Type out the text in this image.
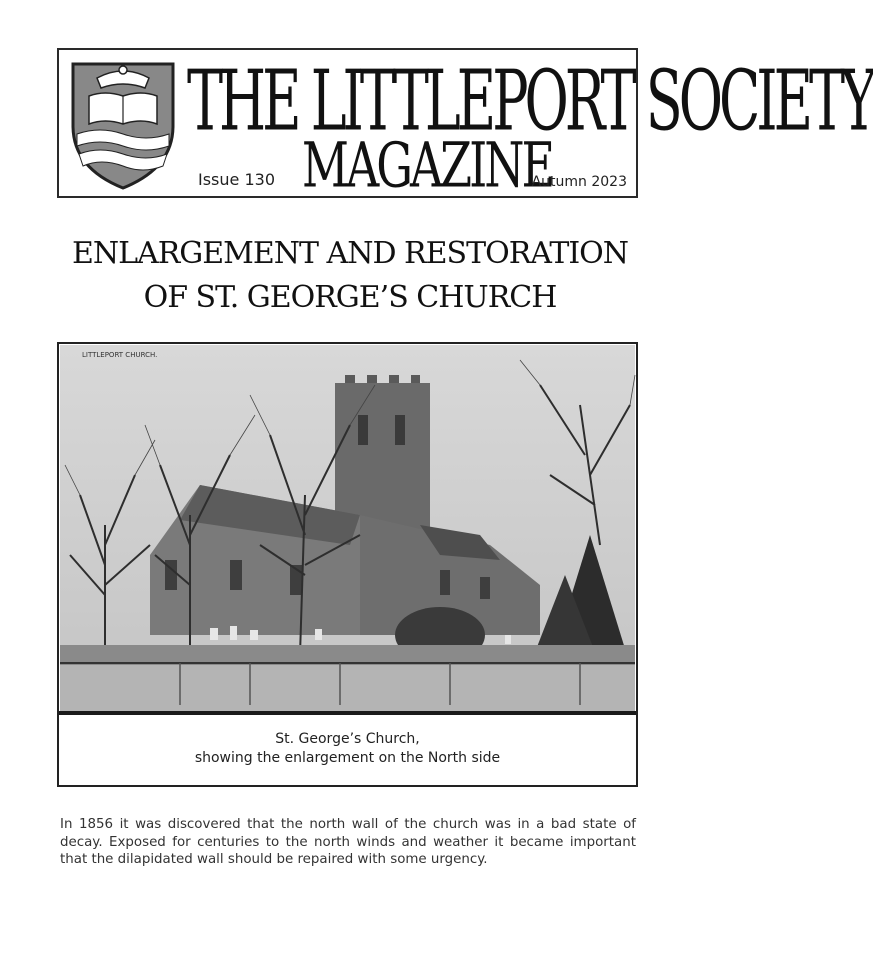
THE LITTLEPORT SOCIETY
MAGAZINE
Issue 130	Autumn 2023
ENLARGEMENT AND RESTORATION
OF ST. GEORGE’S CHURCH
LITTLEPORT CHURCH.
St. George’s Church,
showing the enlargement on the North side

In 1856 it was discovered that the north wall of the church was in a bad state of decay. Exposed for centuries to the north winds and weather it became important that the dilapidated wall should be repaired with some urgency.
